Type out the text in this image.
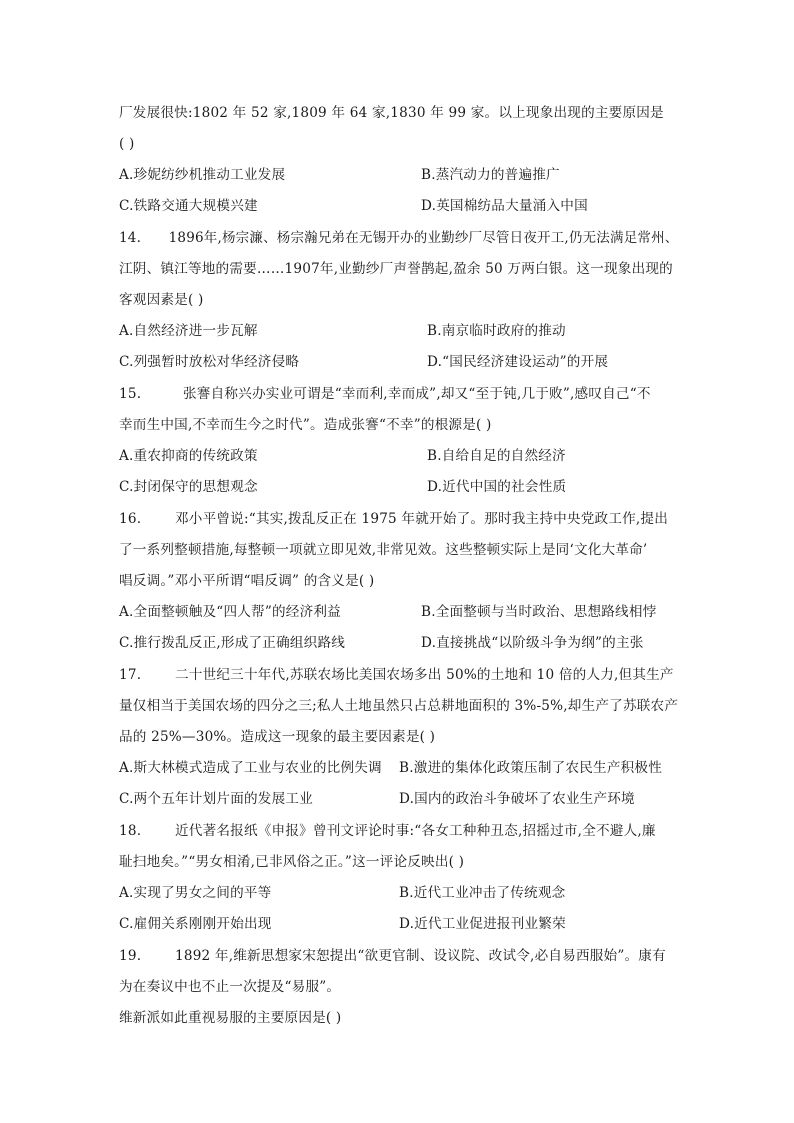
厂发展很快:1802 年 52 家,1809 年 64 家,1830 年 99 家。以上现象出现的主要原因是
( )
A.珍妮纺纱机推动工业发展	B.蒸汽动力的普遍推广
C.铁路交通大规模兴建	D.英国棉纺品大量涌入中国
14. 1896年,杨宗濂、杨宗瀚兄弟在无锡开办的业勤纱厂尽管日夜开工,仍无法满足常州、
江阴、镇江等地的需要……1907年,业勤纱厂声誉鹊起,盈余 50 万两白银。这一现象出现的
客观因素是( )
A.自然经济进一步瓦解	B.南京临时政府的推动
C.列强暂时放松对华经济侵略	D.“国民经济建设运动”的开展
15.	张謇自称兴办实业可谓是“幸而利,幸而成”,却又“至于钝,几于败”,感叹自己“不
幸而生中国,不幸而生今之时代”。造成张謇“不幸”的根源是( )
A.重农抑商的传统政策	B.自给自足的自然经济
C.封闭保守的思想观念	D.近代中国的社会性质
16. 邓小平曾说:“其实,拨乱反正在 1975 年就开始了。那时我主持中央党政工作,提出
了一系列整顿措施,每整顿一项就立即见效,非常见效。这些整顿实际上是同‘文化大革命’
唱反调。”邓小平所谓“唱反调” 的含义是( )
A.全面整顿触及“四人帮”的经济利益	B.全面整顿与当时政治、思想路线相悖
C.推行拨乱反正,形成了正确组织路线	D.直接挑战“以阶级斗争为纲”的主张
17. 二十世纪三十年代,苏联农场比美国农场多出 50%的土地和 10 倍的人力,但其生产
量仅相当于美国农场的四分之三;私人土地虽然只占总耕地面积的 3%-5%,却生产了苏联农产
品的 25%—30%。造成这一现象的最主要因素是( )
A.斯大林模式造成了工业与农业的比例失调 B.激进的集体化政策压制了农民生产积极性
C.两个五年计划片面的发展工业	D.国内的政治斗争破坏了农业生产环境
18. 近代著名报纸《申报》曾刊文评论时事:“各女工种种丑态,招摇过市,全不避人,廉
耻扫地矣。”“男女相淆,已非风俗之正。”这一评论反映出( )
A.实现了男女之间的平等	B.近代工业冲击了传统观念
C.雇佣关系刚刚开始出现	D.近代工业促进报刊业繁荣
19. 1892 年,维新思想家宋恕提出“欲更官制、设议院、改试令,必自易西服始”。康有
为在奏议中也不止一次提及“易服”。
维新派如此重视易服的主要原因是( )
